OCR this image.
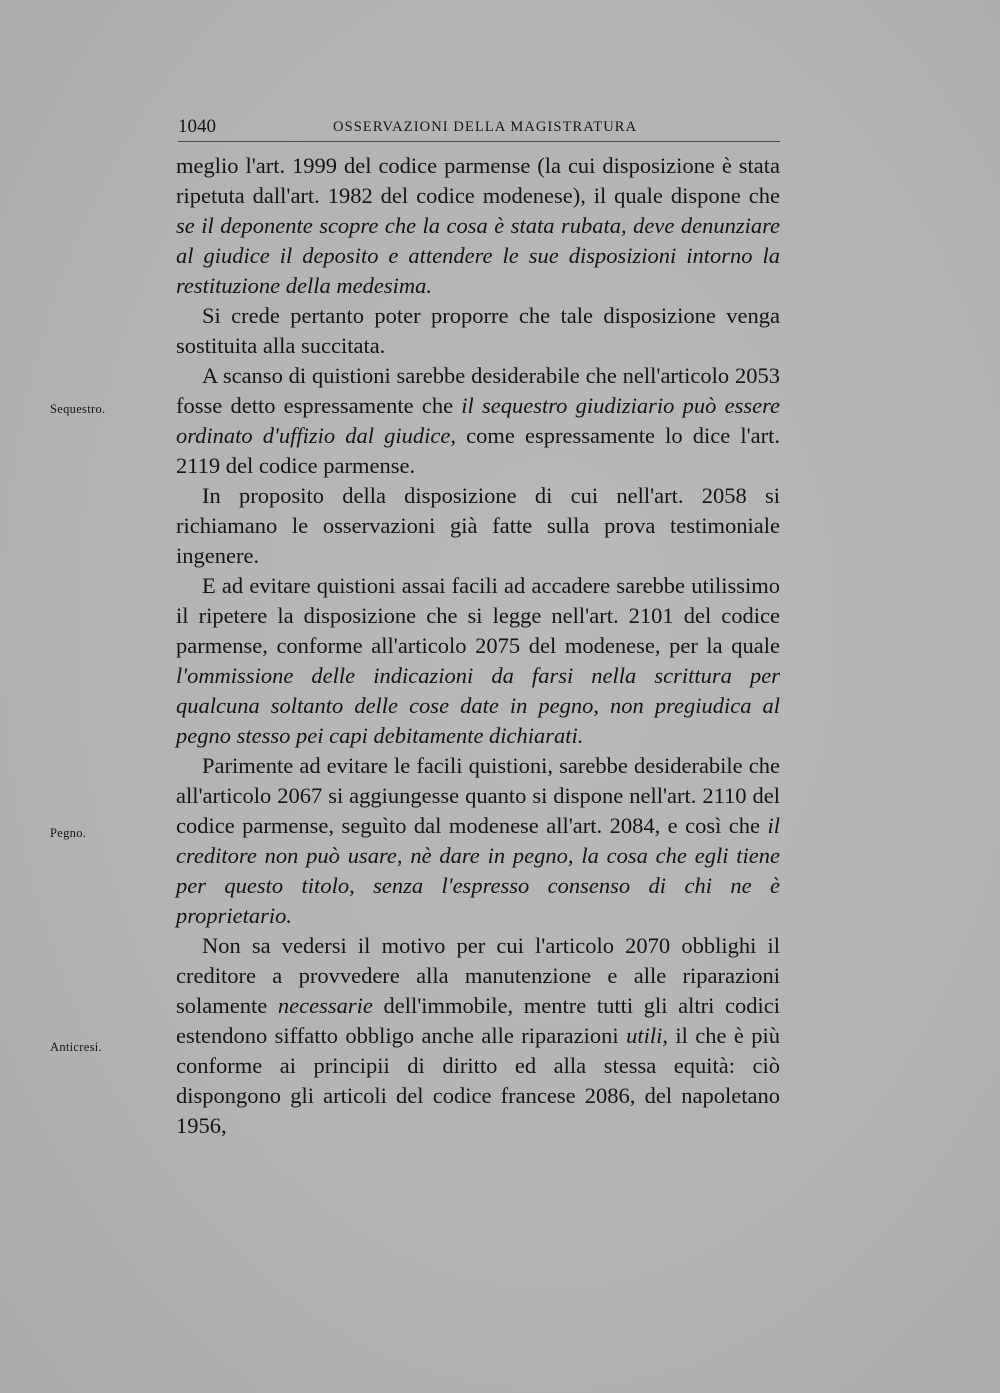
1040	OSSERVAZIONI DELLA MAGISTRATURA
Sequestro.
Pegno.
Anticresi.

meglio l'art. 1999 del codice parmense (la cui disposizione è stata ripetuta dall'art. 1982 del codice modenese), il quale dispone che se il deponente scopre che la cosa è stata rubata, deve denunziare al giudice il deposito e attendere le sue disposizioni intorno la restituzione della medesima.

Si crede pertanto poter proporre che tale disposizione venga sostituita alla succitata.

A scanso di quistioni sarebbe desiderabile che nell'articolo 2053 fosse detto espressamente che il sequestro giudiziario può essere ordinato d'uffizio dal giudice, come espressamente lo dice l'art. 2119 del codice parmense.

In proposito della disposizione di cui nell'art. 2058 si richiamano le osservazioni già fatte sulla prova testimoniale ingenere.

E ad evitare quistioni assai facili ad accadere sarebbe utilissimo il ripetere la disposizione che si legge nell'art. 2101 del codice parmense, conforme all'articolo 2075 del modenese, per la quale l'ommissione delle indicazioni da farsi nella scrittura per qualcuna soltanto delle cose date in pegno, non pregiudica al pegno stesso pei capi debitamente dichiarati.

Parimente ad evitare le facili quistioni, sarebbe desiderabile che all'articolo 2067 si aggiungesse quanto si dispone nell'art. 2110 del codice parmense, seguìto dal modenese all'art. 2084, e così che il creditore non può usare, nè dare in pegno, la cosa che egli tiene per questo titolo, senza l'espresso consenso di chi ne è proprietario.

Non sa vedersi il motivo per cui l'articolo 2070 obblighi il creditore a provvedere alla manutenzione e alle riparazioni solamente necessarie dell'immobile, mentre tutti gli altri codici estendono siffatto obbligo anche alle riparazioni utili, il che è più conforme ai principii di diritto ed alla stessa equità: ciò dispongono gli articoli del codice francese 2086, del napoletano 1956,
